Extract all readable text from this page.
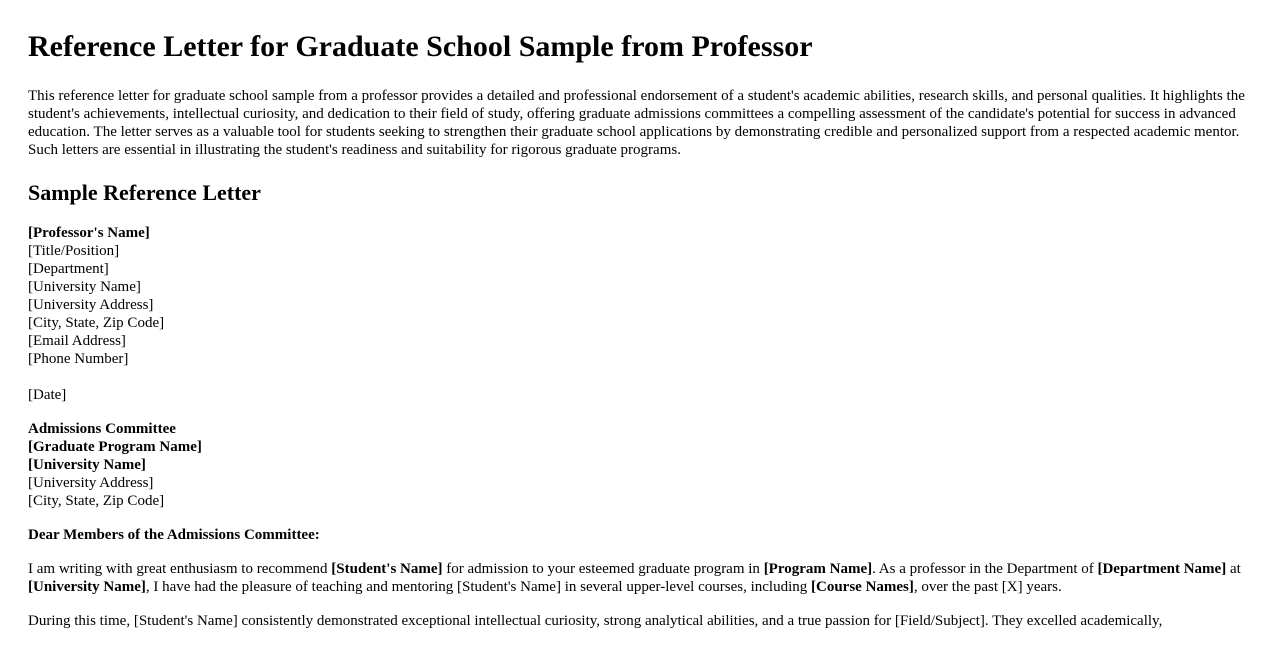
Reference Letter for Graduate School Sample from Professor

This reference letter for graduate school sample from a professor provides a detailed and professional endorsement of a student's academic abilities, research skills, and personal qualities. It highlights the student's achievements, intellectual curiosity, and dedication to their field of study, offering graduate admissions committees a compelling assessment of the candidate's potential for success in advanced education. The letter serves as a valuable tool for students seeking to strengthen their graduate school applications by demonstrating credible and personalized support from a respected academic mentor. Such letters are essential in illustrating the student's readiness and suitability for rigorous graduate programs.

Sample Reference Letter
[Professor's Name]
[Title/Position]
[Department]
[University Name]
[University Address]
[City, State, Zip Code]
[Email Address]
[Phone Number]
[Date]
Admissions Committee
[Graduate Program Name]
[University Name]
[University Address]
[City, State, Zip Code]
Dear Members of the Admissions Committee:

I am writing with great enthusiasm to recommend [Student's Name] for admission to your esteemed graduate program in [Program Name]. As a professor in the Department of [Department Name] at [University Name], I have had the pleasure of teaching and mentoring [Student's Name] in several upper-level courses, including [Course Names], over the past [X] years.

During this time, [Student's Name] consistently demonstrated exceptional intellectual curiosity, strong analytical abilities, and a true passion for [Field/Subject]. They excelled academically,
